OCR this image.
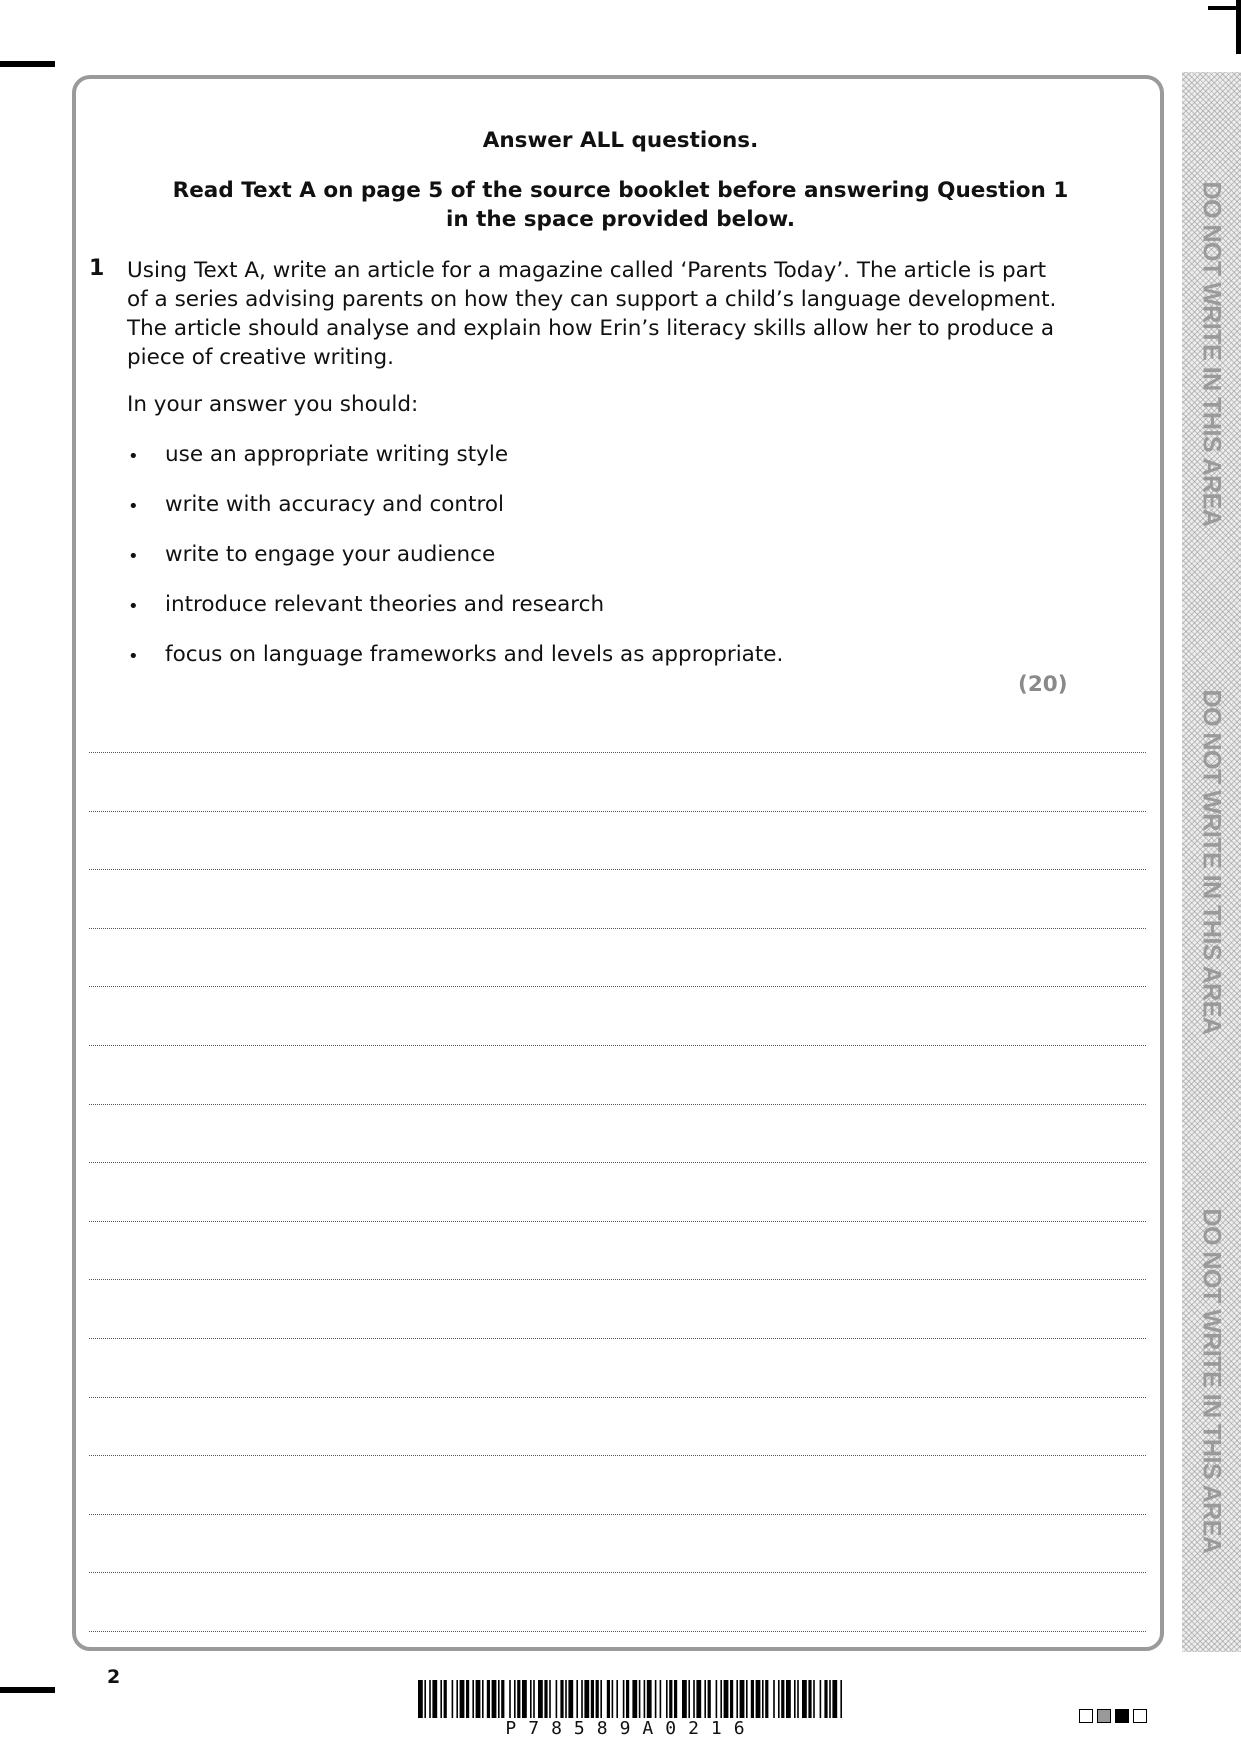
DO NOT WRITE IN THIS AREA
DO NOT WRITE IN THIS AREA
DO NOT WRITE IN THIS AREA
Answer ALL questions.
Read Text A on page 5 of the source booklet before answering Question 1
in the space provided below.
1 Using Text A, write an article for a magazine called ‘Parents Today’. The article is part of a series advising parents on how they can support a child’s language development. The article should analyse and explain how Erin’s literacy skills allow her to produce a piece of creative writing.
In your answer you should:
• use an appropriate writing style
• write with accuracy and control
• write to engage your audience
• introduce relevant theories and research
• focus on language frameworks and levels as appropriate.
(20)
2
P78589A0216
